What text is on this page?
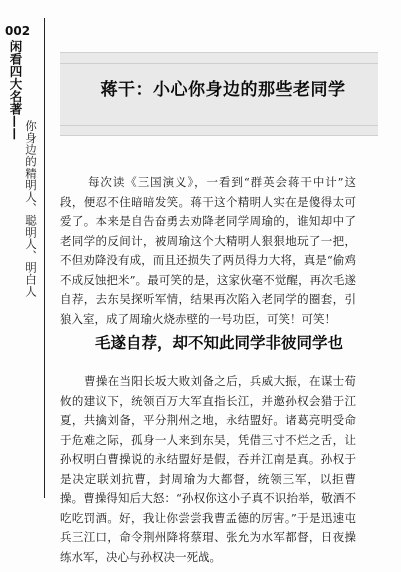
002
闲看四大名著——
你身边的精明人、聪明人、明白人
蒋干：小心你身边的那些老同学

每次读《三国演义》，一看到“群英会蒋干中计”这段，便忍不住暗暗发笑。蒋干这个精明人实在是傻得太可爱了。本来是自告奋勇去劝降老同学周瑜的，谁知却中了老同学的反间计，被周瑜这个大精明人狠狠地玩了一把，不但劝降没有成，而且还损失了两员得力大将，真是“偷鸡不成反蚀把米”。最可笑的是，这家伙毫不觉醒，再次毛遂自荐，去东吴探听军情，结果再次陷入老同学的圈套，引狼入室，成了周瑜火烧赤壁的一号功臣，可笑！可笑！

毛遂自荐，却不知此同学非彼同学也

曹操在当阳长坂大败刘备之后，兵威大振，在谋士荀攸的建议下，统领百万大军直指长江，并邀孙权会猎于江夏，共擒刘备，平分荆州之地，永结盟好。诸葛亮明受命于危难之际，孤身一人来到东吴，凭借三寸不烂之舌，让孙权明白曹操说的永结盟好是假，吞并江南是真。孙权于是决定联刘抗曹，封周瑜为大都督，统领三军，以拒曹操。曹操得知后大怒：“孙权你这小子真不识抬举，敬酒不吃吃罚酒。好，我让你尝尝我曹孟德的厉害。”于是迅速屯兵三江口，命令荆州降将蔡瑁、张允为水军都督，日夜操练水军，决心与孙权决一死战。
